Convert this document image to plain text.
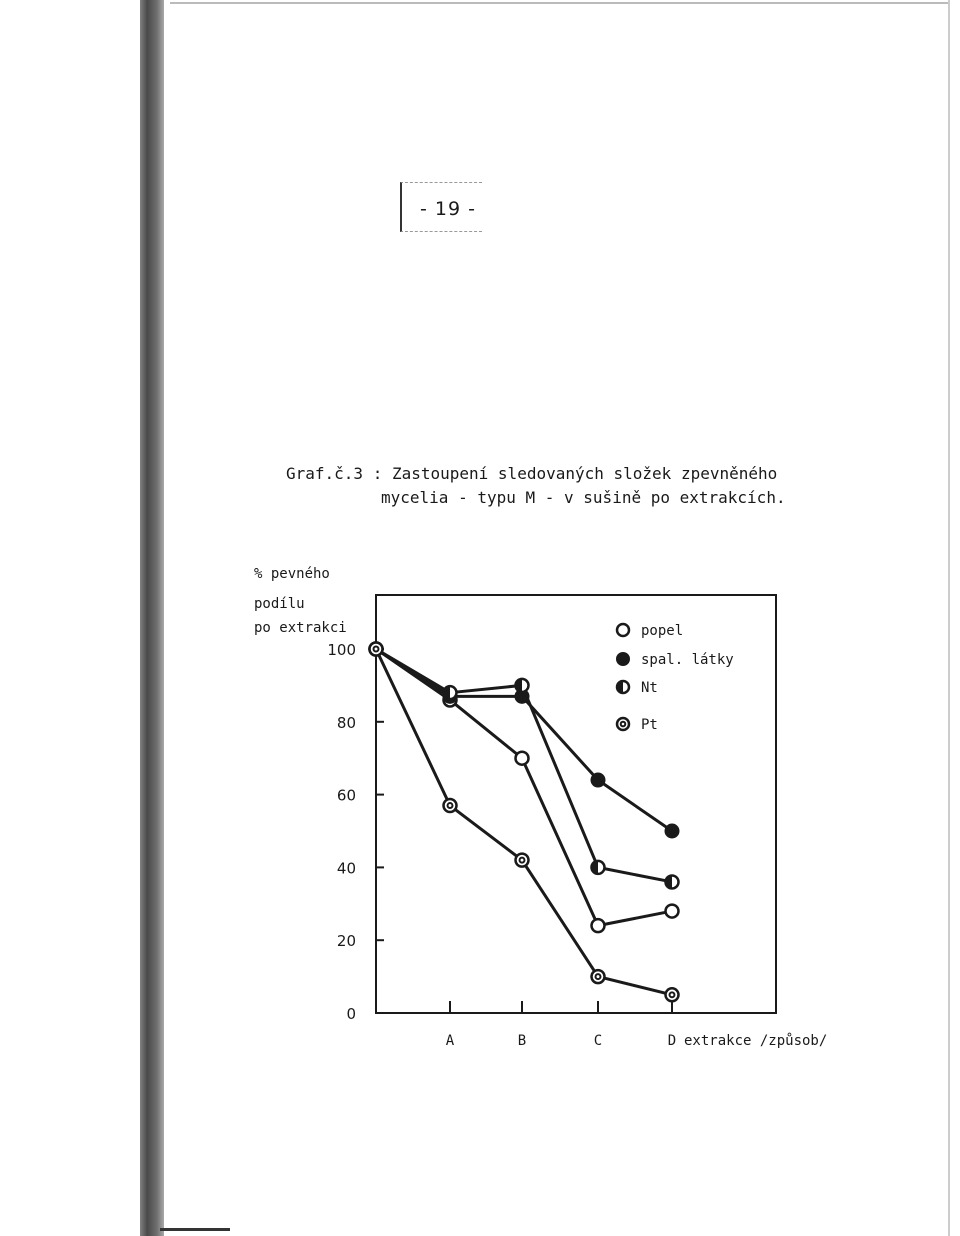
- 19 -
Graf.č.3 : Zastoupení sledovaných složek zpevněného
mycelia - typu M - v sušině po extrakcích.
% pevného
podílu
po extrakci
0
20
40
60
80
100
A	B	C	D extrakce /způsob/
popel
spal. látky
Nt
Pt
